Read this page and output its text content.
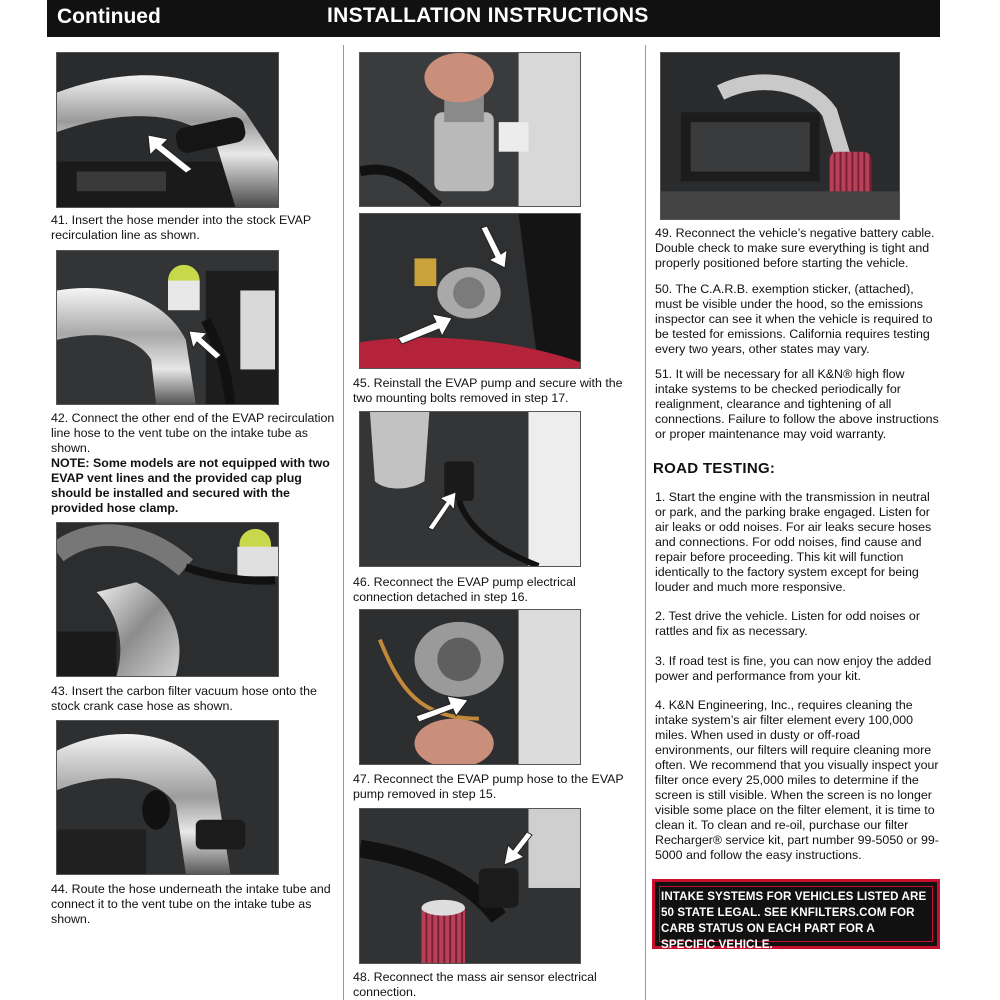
Continued	INSTALLATION INSTRUCTIONS
41. Insert the hose mender into the stock EVAP recirculation line as shown.
42. Connect the other end of the EVAP recirculation line hose to the vent tube on the intake tube as shown.
NOTE: Some models are not equipped with two EVAP vent lines and the provided cap plug should be installed and secured with the provided hose clamp.
43. Insert the carbon filter vacuum hose onto the stock crank case hose as shown.
44. Route the hose underneath the intake tube and connect it to the vent tube on the intake tube as shown.
45. Reinstall the EVAP pump and secure with the two mounting bolts removed in step 17.
46. Reconnect the EVAP pump electrical connection detached in step 16.
47. Reconnect the EVAP pump hose to the EVAP pump removed in step 15.
48. Reconnect the mass air sensor electrical connection.
49. Reconnect the vehicle’s negative battery cable. Double check to make sure everything is tight and properly positioned before starting the vehicle.
50. The C.A.R.B. exemption sticker, (attached), must be visible under the hood, so the emissions inspector can see it when the vehicle is required to be tested for emissions. California requires testing every two years, other states may vary.
51. It will be necessary for all K&N® high flow intake systems to be checked periodically for realignment, clearance and tightening of all connections. Failure to follow the above instructions or proper maintenance may void warranty.
ROAD TESTING:
1. Start the engine with the transmission in neutral or park, and the parking brake engaged. Listen for air leaks or odd noises. For air leaks secure hoses and connections. For odd noises, find cause and repair before proceeding. This kit will function identically to the factory system except for being louder and much more responsive.
2. Test drive the vehicle. Listen for odd noises or rattles and fix as necessary.
3. If road test is fine, you can now enjoy the added power and performance from your kit.
4. K&N Engineering, Inc., requires cleaning the intake system’s air filter element every 100,000 miles. When used in dusty or off-road environments, our filters will require cleaning more often. We recommend that you visually inspect your filter once every 25,000 miles to determine if the screen is still visible. When the screen is no longer visible some place on the filter element, it is time to clean it. To clean and re-oil, purchase our filter Recharger® service kit, part number 99-5050 or 99-5000 and follow the easy instructions.
INTAKE SYSTEMS FOR VEHICLES LISTED ARE 50 STATE LEGAL. SEE KNFILTERS.COM FOR CARB STATUS ON EACH PART FOR A SPECIFIC VEHICLE.
